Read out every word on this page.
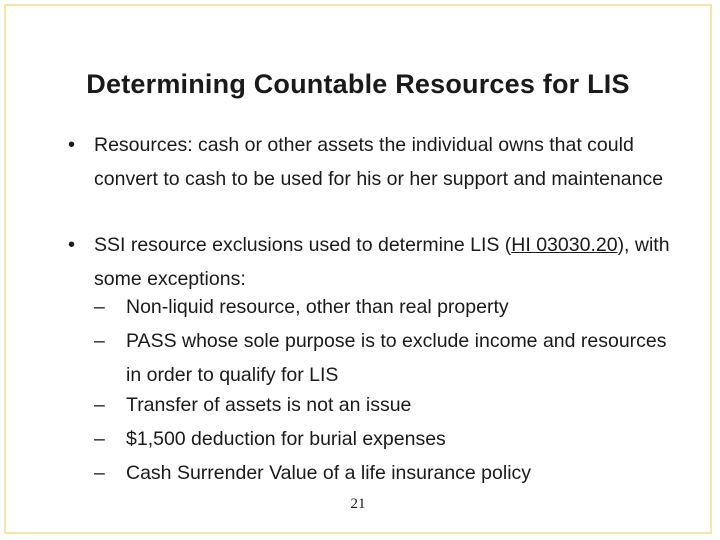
Determining Countable Resources for LIS
• Resources: cash or other assets the individual owns that could convert to cash to be used for his or her support and maintenance
• SSI resource exclusions used to determine LIS (HI 03030.20), with some exceptions:
–	Non-liquid resource, other than real property
–	PASS whose sole purpose is to exclude income and resources in order to qualify for LIS
–	Transfer of assets is not an issue
–	$1,500 deduction for burial expenses
–	Cash Surrender Value of a life insurance policy
21
